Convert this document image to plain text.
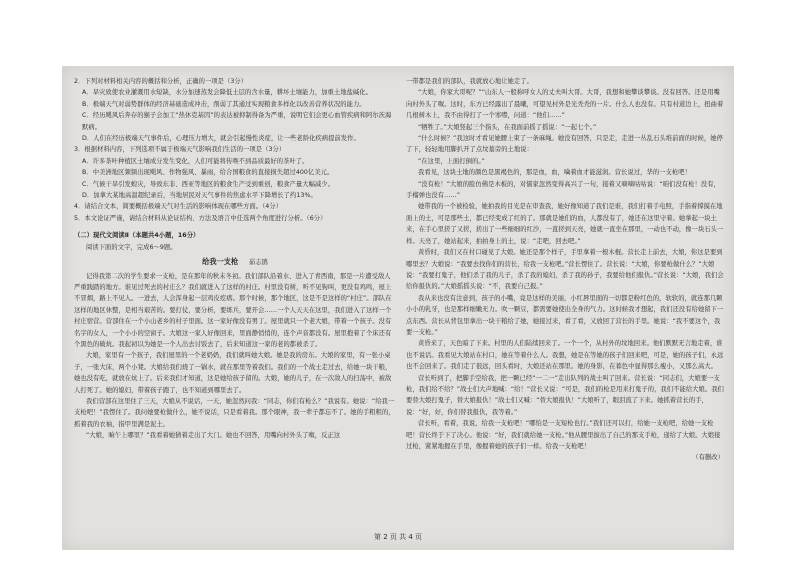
2．下列对材料相关内容的概括和分析，正确的一项是（3分）

A．旱灾致使农业灌溉用水短缺，水分加速蒸发会降低土层的含水量，耕坏土壤能力，加重土地盐碱化。

B．极端天气对弱势群体的经济基础造成冲击，削弱了其通过实现粮食多样化以改善营养状况的能力。

C．经历飓风后奔存的猴子会加工“热休克基因”的表达被抑制得备为严重，说明它们会更心血管疾病和阿尔茨海默病。

D．人们在经历极端天气事件后，心理压力增大，就会引起慢性炎症，让一些老龄化疾病提前发作。

3．根据材料内容，下列选项不属于极端天气影响我们生活的一项是（3分）

A．许多茶叶种植区土壤成分发生变化，人们可能将传唤不到品质最好的茶叶了。

B．中美洲地区频频出现飓风、作物强风、暴雨，给合国粮食的直接损失超过400亿美元。

C．气候干旱引发蝗灾，导致东非、西亚等地区的粮食生产受到重创，粮食产量大幅减少。

D．加拿大某地高温超纪录后，当地居民对天气事件的焦虑水平下降增长了约13%。

4．请结合文本，简要概括极端天气对生活的影响体现在哪些方面。（4分）

5．本文论证严谨，请结合材料从论证结构、方法及语言中任选两个角度进行分析。（6分）

（二）现代文阅读Ⅱ（本题共4小题，16分）

阅读下面的文字，完成6～9题。

给我一支枪 茹志鹃

记得我第二次的学生要求一支枪，是在那年的秋末冬初。我们部队沿着水、进入了青西南，那是一片遭受敌人严重践踏的地方。谁见过死去的村庄么？我们就进入了这样的村庄。村里没有树，听不见狗叫，更没有鸡鸣，屋上不冒烟，路上不见人。一进去，人会浑身起一层鸡皮疙瘩。那个时候，那个地区，这是不是这样的“村庄”。部队在这样的地区休整，是相当艰苦的。要打仗，要分析，要练兵，要开会……一个人天天在这里，我们进入了这样一个村庄宿营。营部住在一个小山老乡的村子里面。这一家好像没有男丁。屋里就只一个老大娘，带着一个孩子。没有名字的女人，一个小小的空窗子。大娘这一家人好像回来，里面静悄悄的，连个声音都没有。屋里抱着了个床还有个黑色的破炕。我起初以为她是一个人出去讨饭去了，后来知道这一家的老的都被杀了。

大娘，家里有一个孩子，我们屋里的一个老奶奶，我们就叫她大娘。她是我的房东。大娘的家里，有一张小桌子，一张大床，两个小凳。大娘给我们烧了一锅水，就在那里等着我们。我们的一个战士走过去，给她一块干粮，她也没有吃，就放在炕上了。后来我们才知道，这是她给孩子留的。大娘，她的儿子，在一次敌人的扫荡中，被敌人打死了。她的媳妇，带着孩子跑了，也不知道到哪里去了。

我们营部在这里住了三天，大娘从不说话，一天，她忽然问我：“同志，你们有枪么？”我说有。她说：“给我一支枪吧！”我愣住了。我问她要枪做什么，她不说话，只是看着我。那个眼神，我一辈子都忘不了。她的手粗粗的，抓着我的衣袖，指甲里满是泥土。

“大娘，晌午上哪里？”我看着她猜着走出了大门。她也不回答，用嘴向村外头了呶，反正这

一带都是我们的部队，我就放心地让她走了。

“大娘，你家大哥呢？”“山东人一般称呼女人的丈夫叫大哥。大哥，我想和她攀谈攀谈。没有回答。还是用嘴向村外头了呶。这时，东方已经露出了晨曦，可望见村外是光秃秃的一片。什么人也没有。只有村道边上，扭曲着几根树木上，我不由得打了一个寒噤，问道：“他们……”

“牺牲了。”大娘竖起三个指头，在我面前摇了摇说：“一起七个。”

“什么时候？”我这时才看见她腰上束了一条麻绳。她没有回答，只是走，走进一丛乱石头堆前面的时候，她停了下，轻轻地用脚扒开了点坟墓旁的土地说：

“在这里，上面打倒的。”

我看见，这块土地的颜色是黑褐色的，那是血，血，噙着血才能滋润。营长说过，华的一支枪吧！

“没有枪！”大娘的脸仿佛是木板的，对儒家忽然变得高兴了一句，接着又嘀嘀咕咕说：“咱们没有枪！没有，手榴弹也没有……”

她带我的一个被检验，她拍我的目光是在审查我，她好像知道了我们是谁，我们打着手电照，手指着撑摸在地面上的土，可是那些土，都已经变成了红的了。那就是她们的血，人都没有了，她还在这里守着。她拿起一块土来，在手心里搓了又搓，搓出了一些细细的红沙，一直搓到天亮，她就一直坐在那里，一动也不动，像一块石头一样。天亮了，她站起来，拍拍身上的土，说：“走吧，回去吧。”

黄昏时，我们又在村口碰见了大娘。她还是那个样子，手里拿着一根木棍。营长走上前去，大娘，你这是要到哪里去？大娘说：“我要去找你们的营长，给我一支枪吧。”营长愣住了。营长说：“大娘，你要枪做什么？”大娘说：“我要打鬼子，他们杀了我的儿子，杀了我的媳妇，杀了我的孙子，我要给他们报仇。”营长说：“大娘，我们会给你报仇的。”大娘摇摇头说：“不，我要自己报。”

我从来也没有注意到，孩子的小嘴，竟是这样的美丽，小红唇里面的一切都是粉红色的，软软的，就连那几颗小小的乳牙，也是那样细嫩无力。吹一颗豆，都需要她使出全身的气力。这时候我才想起，我们还没有给她留下一点东西。营长从背包里拿出一块干粮给了她，她接过来，看了看，又放回了营长的手里。她说：“我不要这个，我要一支枪。”

黄昏来了，天色暗了下来。村里的人们陆续回来了。一个一个，从村外的坟地回来。他们默默无言地走着，谁也不说话。我看见大娘站在村口，她在等着什么人。我想，她是在等她的孩子们回来吧，可是，她的孩子们，永远也不会回来了。我们走了很远，回头看时，大娘还站在那里。她的身影，在暮色中显得那么瘦小，又那么高大。

营长听到了，把脚手空给我，把一颗已经“一二一”走出队列的战士叫了回来。营长说：“同志们，大娘要一支枪，我们给不给？”战士们大声地喊：“给！”营长又说：“可是，我们的枪是用来打鬼子的，我们不能给大娘。我们要替大娘打鬼子，替大娘报仇！”战士们又喊：“替大娘报仇！”大娘听了，眼泪流了下来。她抓着营长的手，说：“好，好，你们替我报仇，我等着。”

营长听，看着，我说，给我一支枪吧！“哪怕是一支短枪也行。”我们还可以打，给她一支枪吧，给她一支枪吧！营长终于下了决心。他说：“好，我们就给她一支枪。”他从腰里拔出了自己的那支手枪，递给了大娘。大娘接过枪，紧紧地握在手里，像握着她的孩子们一样。给我一支枪吧！

（有删改）

第 2 页 共 4 页
